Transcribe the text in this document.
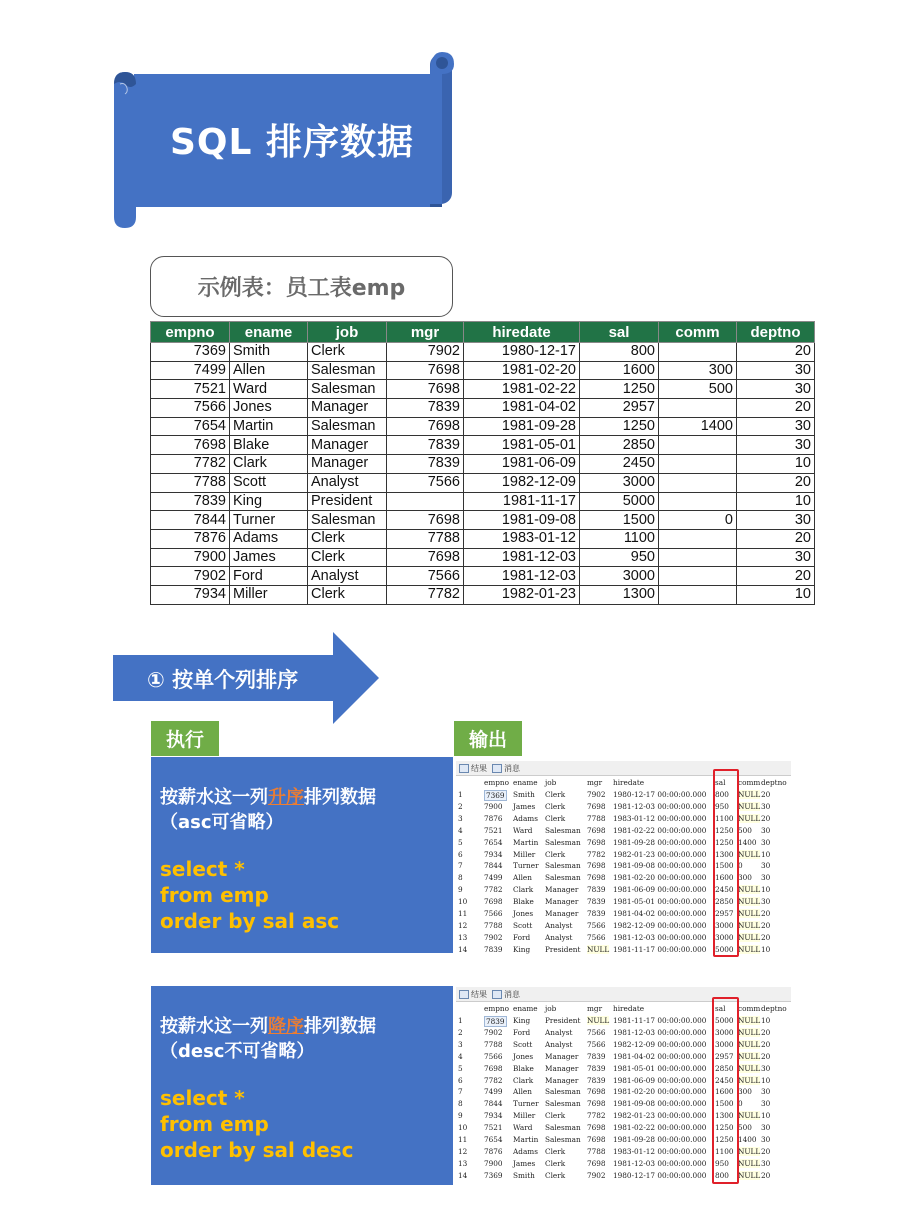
SQL 排序数据
示例表：员工表emp
empno	ename	job	mgr	hiredate	sal	comm	deptno
7369	Smith	Clerk	7902	1980-12-17	800		20
7499	Allen	Salesman	7698	1981-02-20	1600	300	30
7521	Ward	Salesman	7698	1981-02-22	1250	500	30
7566	Jones	Manager	7839	1981-04-02	2957		20
7654	Martin	Salesman	7698	1981-09-28	1250	1400	30
7698	Blake	Manager	7839	1981-05-01	2850		30
7782	Clark	Manager	7839	1981-06-09	2450		10
7788	Scott	Analyst	7566	1982-12-09	3000		20
7839	King	President		1981-11-17	5000		10
7844	Turner	Salesman	7698	1981-09-08	1500	0	30
7876	Adams	Clerk	7788	1983-01-12	1100		20
7900	James	Clerk	7698	1981-12-03	950		30
7902	Ford	Analyst	7566	1981-12-03	3000		20
7934	Miller	Clerk	7782	1982-01-23	1300		10
① 按单个列排序
执行	输出
按薪水这一列升序排列数据
（asc可省略）
select *
from emp
order by sal asc
按薪水这一列降序排列数据
（desc不可省略）
select *
from emp
order by sal desc
结果	消息
empno ename job	mgr hiredate	sal comm deptno
1	7369 Smith Clerk	7902 1980-12-17 00:00:00.000 800 NULL 20
2	7900 James Clerk	7698 1981-12-03 00:00:00.000 950 NULL 30
3	7876 Adams Clerk	7788 1983-01-12 00:00:00.000 1100 NULL 20
4	7521 Ward Salesman 7698 1981-02-22 00:00:00.000 1250 500 30
5	7654 Martin Salesman 7698 1981-09-28 00:00:00.000 1250 1400 30
6	7934 Miller Clerk	7782 1982-01-23 00:00:00.000 1300 NULL 10
7	7844 Turner Salesman 7698 1981-09-08 00:00:00.000 1500 0	30
8	7499 Allen Salesman 7698 1981-02-20 00:00:00.000 1600 300 30
9	7782 Clark Manager 7839 1981-06-09 00:00:00.000 2450 NULL 10
10 7698 Blake Manager 7839 1981-05-01 00:00:00.000 2850 NULL 30
11 7566 Jones Manager 7839 1981-04-02 00:00:00.000 2957 NULL 20
12 7788 Scott Analyst 7566 1982-12-09 00:00:00.000 3000 NULL 20
13 7902 Ford Analyst 7566 1981-12-03 00:00:00.000 3000 NULL 20
14 7839 King President NULL 1981-11-17 00:00:00.000 5000 NULL 10
结果	消息
empno ename job	mgr hiredate	sal comm deptno
1	7839 King President NULL 1981-11-17 00:00:00.000 5000 NULL 10
2	7902 Ford Analyst 7566 1981-12-03 00:00:00.000 3000 NULL 20
3	7788 Scott Analyst 7566 1982-12-09 00:00:00.000 3000 NULL 20
4	7566 Jones Manager 7839 1981-04-02 00:00:00.000 2957 NULL 20
5	7698 Blake Manager 7839 1981-05-01 00:00:00.000 2850 NULL 30
6	7782 Clark Manager 7839 1981-06-09 00:00:00.000 2450 NULL 10
7	7499 Allen Salesman 7698 1981-02-20 00:00:00.000 1600 300 30
8	7844 Turner Salesman 7698 1981-09-08 00:00:00.000 1500 0	30
9	7934 Miller Clerk	7782 1982-01-23 00:00:00.000 1300 NULL 10
10 7521 Ward Salesman 7698 1981-02-22 00:00:00.000 1250 500 30
11 7654 Martin Salesman 7698 1981-09-28 00:00:00.000 1250 1400 30
12 7876 Adams Clerk	7788 1983-01-12 00:00:00.000 1100 NULL 20
13 7900 James Clerk	7698 1981-12-03 00:00:00.000 950 NULL 30
14 7369 Smith Clerk	7902 1980-12-17 00:00:00.000 800 NULL 20
